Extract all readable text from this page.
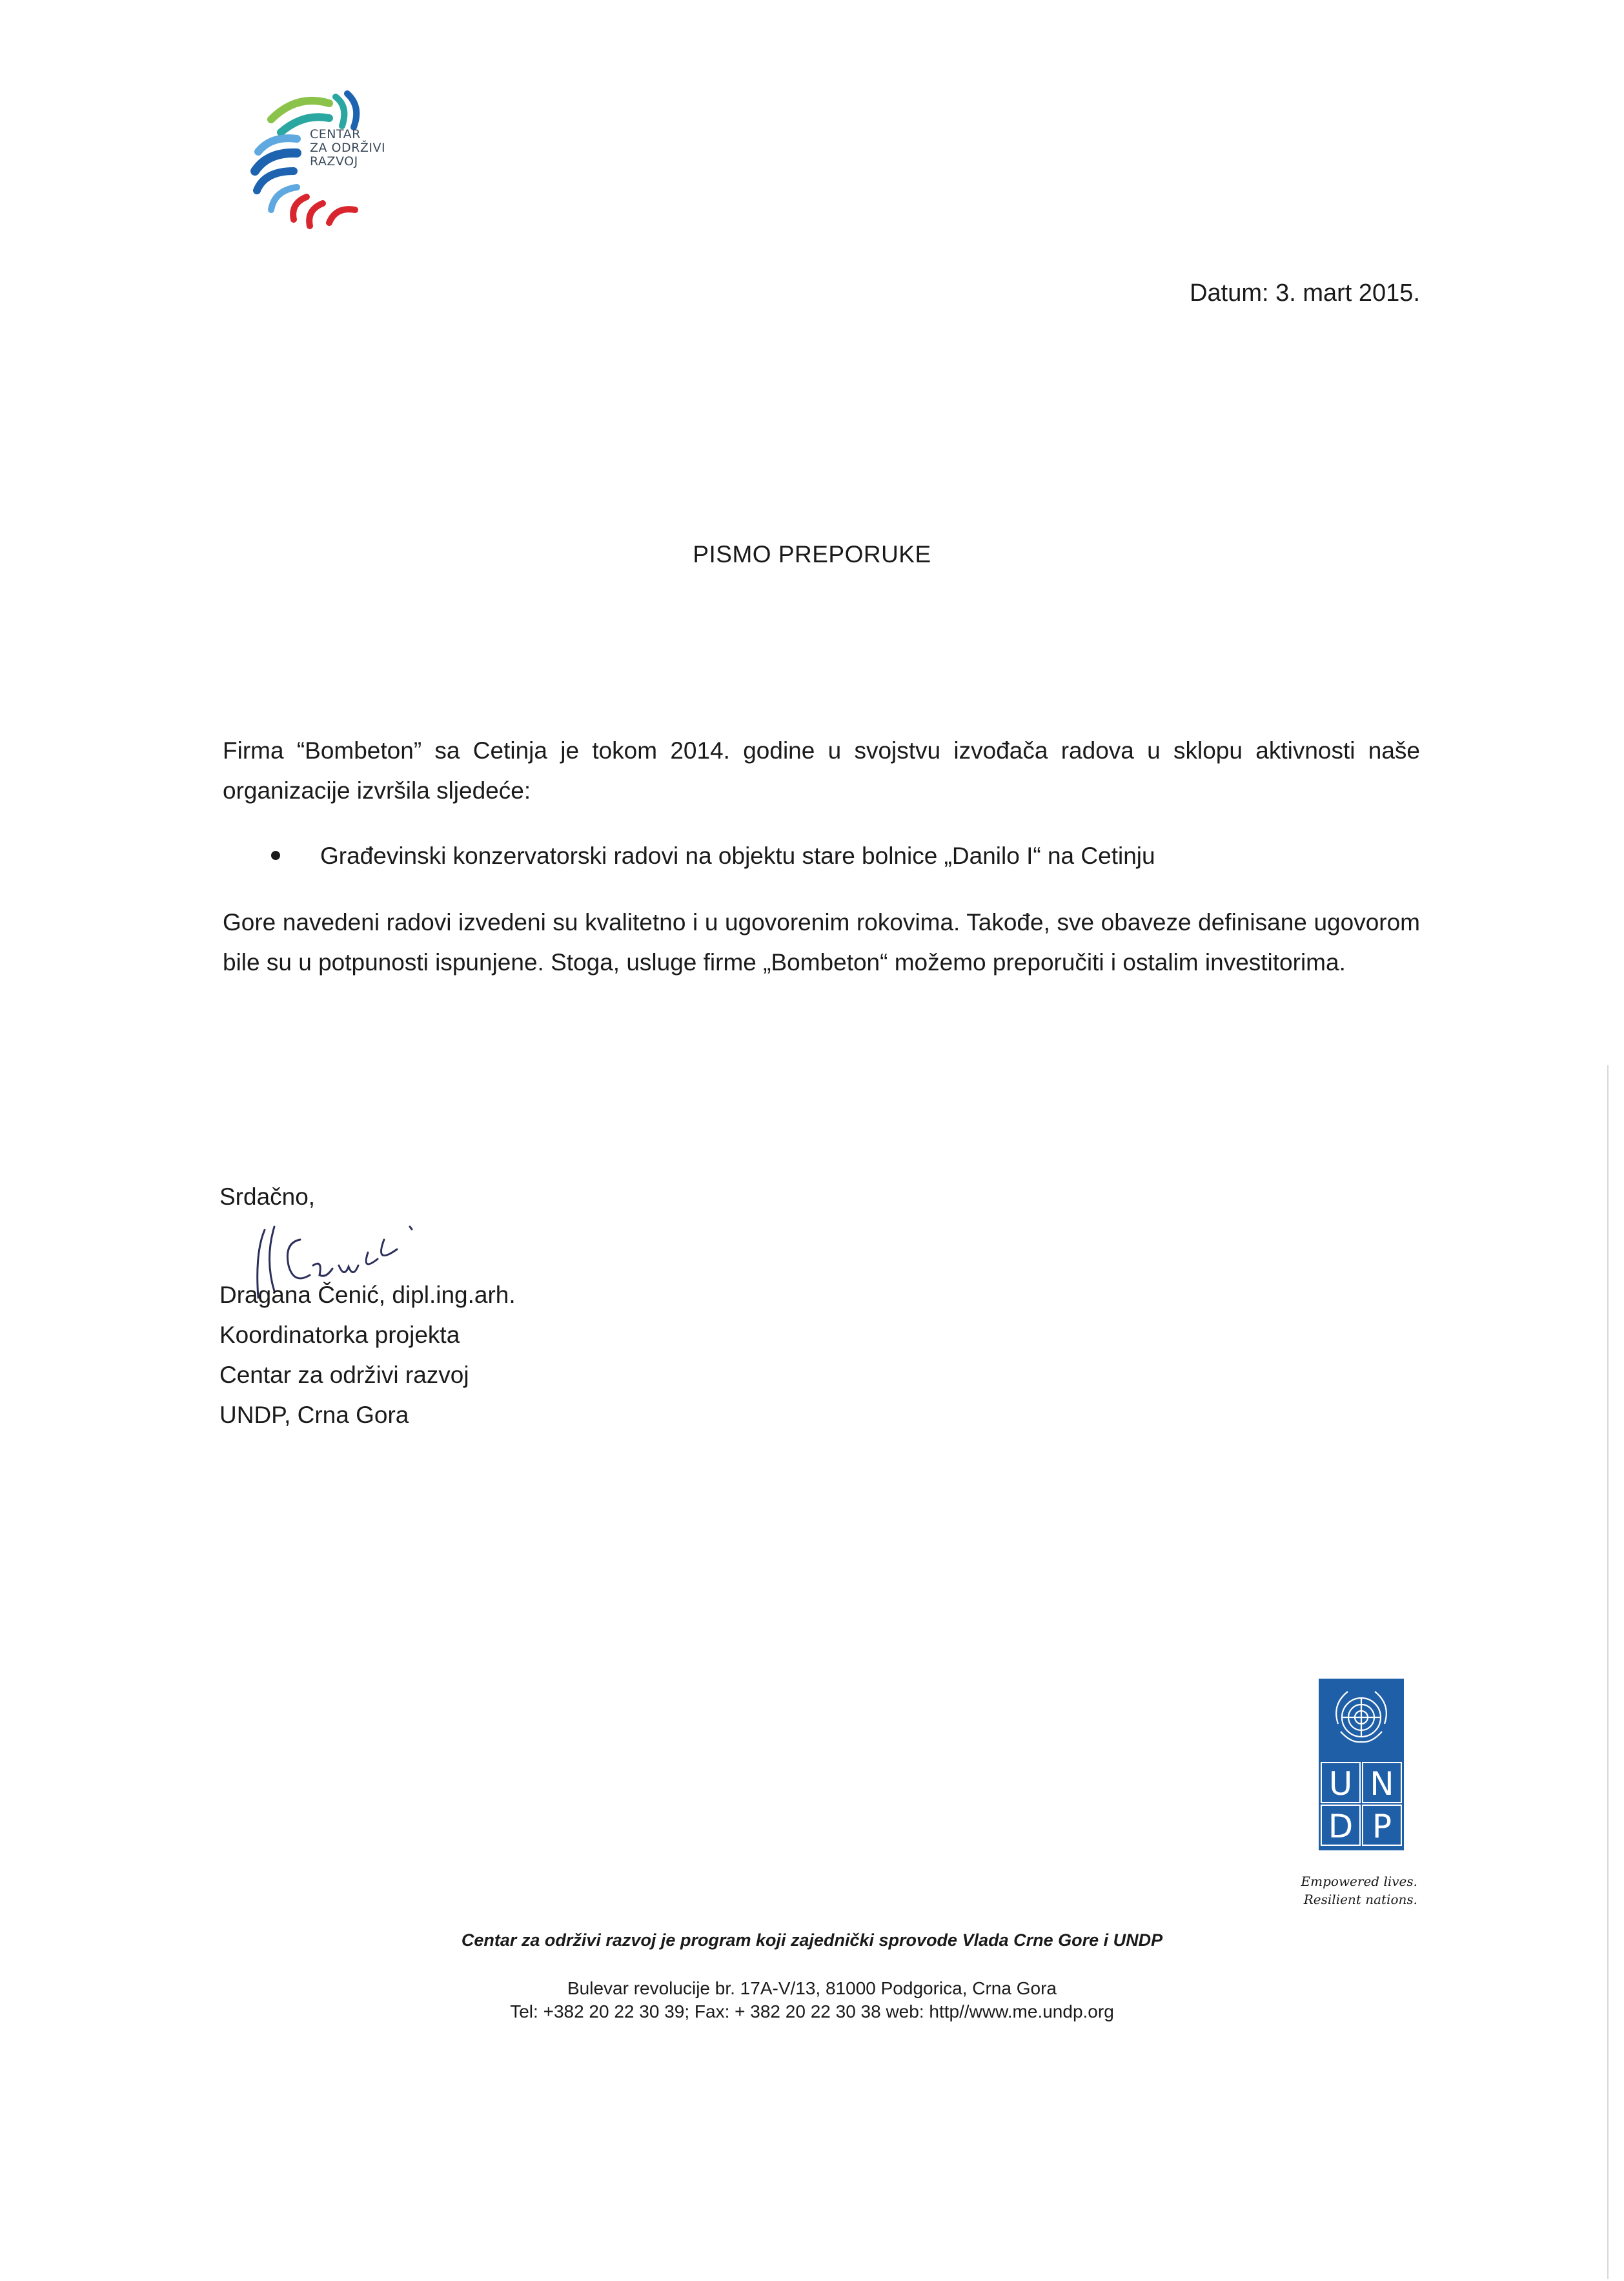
CENTAR
ZA ODRŽIVI
RAZVOJ
Datum: 3. mart 2015.
PISMO PREPORUKE
Firma “Bombeton” sa Cetinja je tokom 2014. godine u svojstvu izvođača radova u sklopu aktivnosti naše organizacije izvršila sljedeće:
Građevinski konzervatorski radovi na objektu stare bolnice „Danilo I“ na Cetinju
Gore navedeni radovi izvedeni su kvalitetno i u ugovorenim rokovima. Takođe, sve obaveze definisane ugovorom bile su u potpunosti ispunjene. Stoga, usluge firme „Bombeton“ možemo preporučiti i ostalim investitorima.
Srdačno,
Dragana Čenić, dipl.ing.arh.
Koordinatorka projekta
Centar za održivi razvoj
UNDP, Crna Gora
U N
D P
Empowered lives.
Resilient nations.
Centar za održivi razvoj je program koji zajednički sprovode Vlada Crne Gore i UNDP
Bulevar revolucije br. 17A-V/13, 81000 Podgorica, Crna Gora
Tel: +382 20 22 30 39; Fax: + 382 20 22 30 38 web: http//www.me.undp.org
